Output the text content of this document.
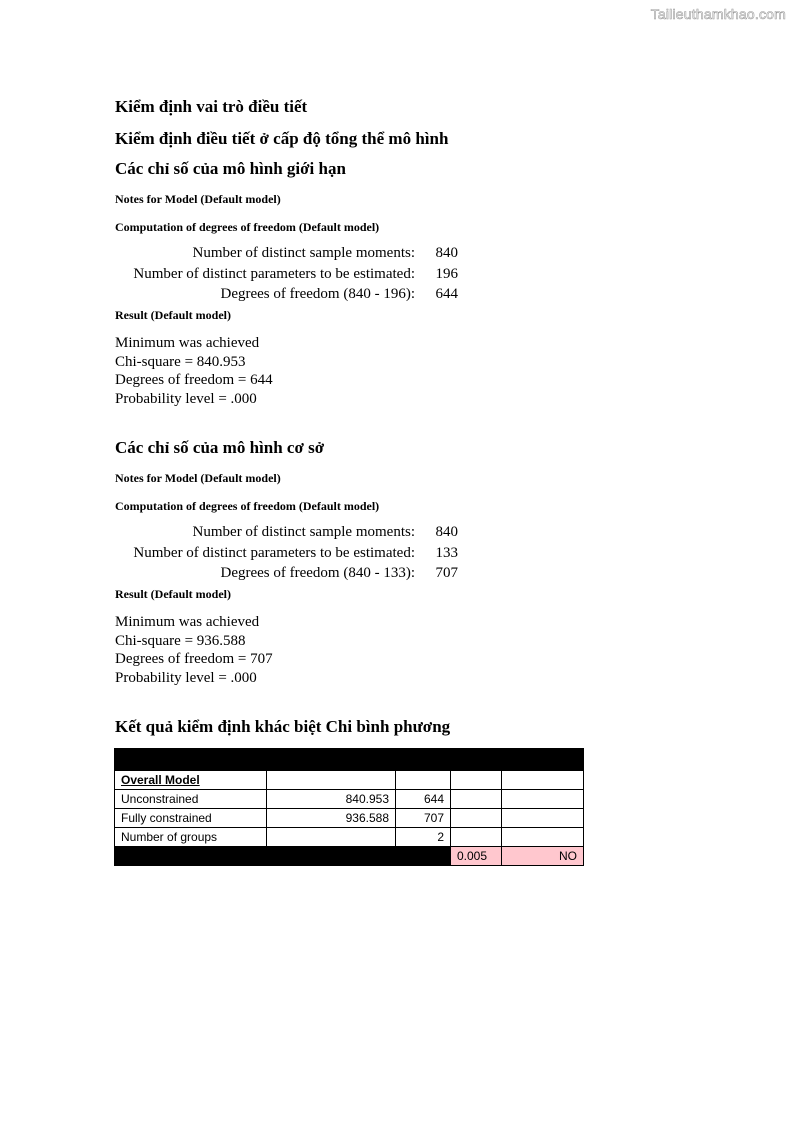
Tailieuthamkhao.com
Kiểm định vai trò điều tiết
Kiểm định điều tiết ở cấp độ tổng thể mô hình
Các chỉ số của mô hình giới hạn
Notes for Model (Default model)
Computation of degrees of freedom (Default model)
Number of distinct sample moments:	840
Number of distinct parameters to be estimated:	196
Degrees of freedom (840 - 196):	644
Result (Default model)
Minimum was achieved
Chi-square = 840.953
Degrees of freedom = 644
Probability level = .000
Các chỉ số của mô hình cơ sở
Notes for Model (Default model)
Computation of degrees of freedom (Default model)
Number of distinct sample moments:	840
Number of distinct parameters to be estimated:	133
Degrees of freedom (840 - 133):	707
Result (Default model)
Minimum was achieved
Chi-square = 936.588
Degrees of freedom = 707
Probability level = .000
Kết quả kiểm định khác biệt Chi bình phương

Overall Model				
Unconstrained	840.953	644		
Fully constrained	936.588	707		
Number of groups		2		
			0.005	NO
